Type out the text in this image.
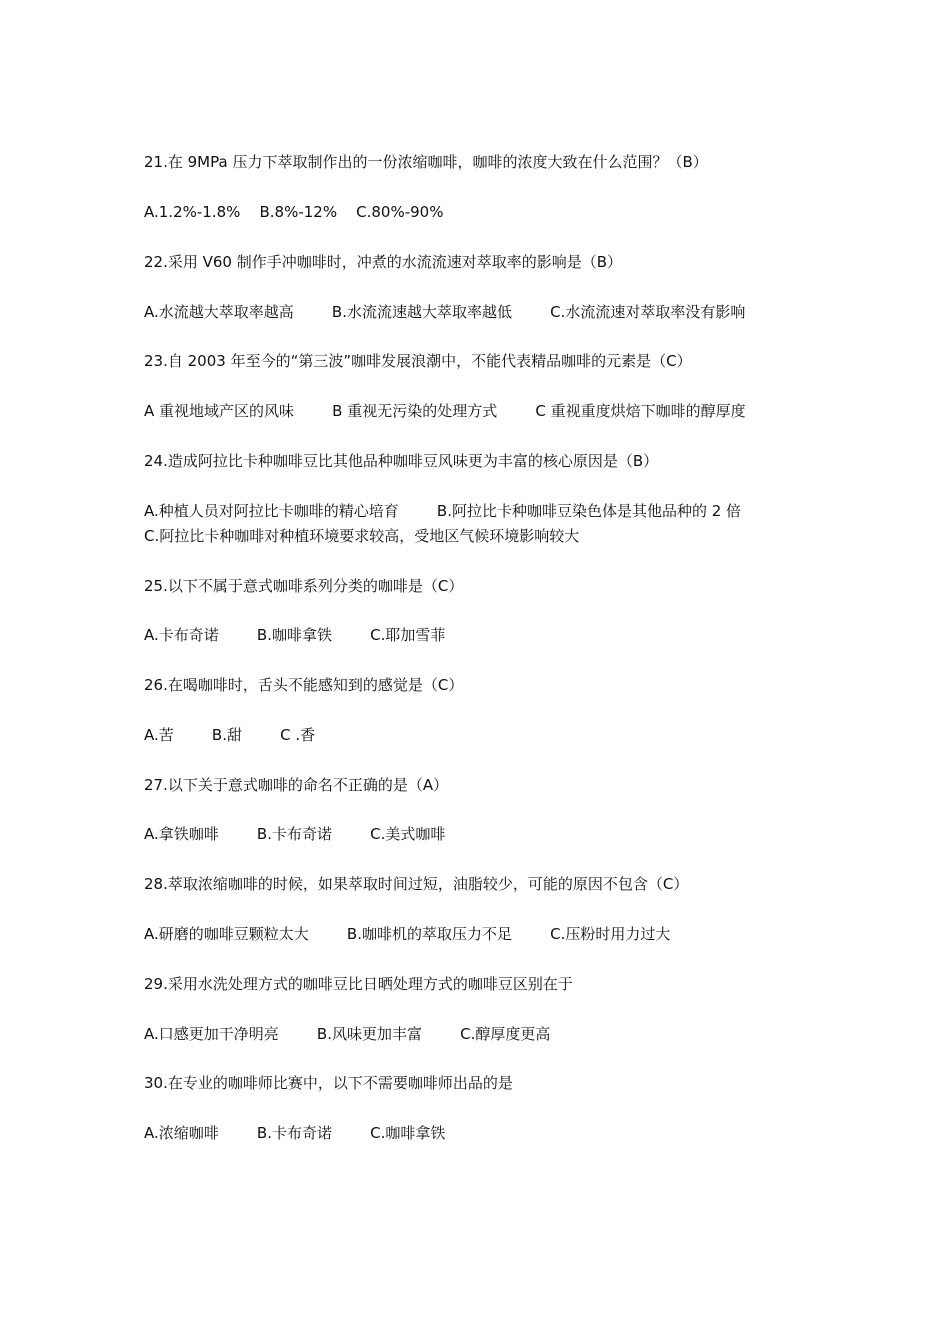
21.在 9MPa 压力下萃取制作出的一份浓缩咖啡，咖啡的浓度大致在什么范围？（B）
A.1.2%-1.8%    B.8%-12%    C.80%-90%
22.采用 V60 制作手冲咖啡时，冲煮的水流流速对萃取率的影响是（B）
A.水流越大萃取率越高        B.水流流速越大萃取率越低        C.水流流速对萃取率没有影响
23.自 2003 年至今的“第三波”咖啡发展浪潮中，不能代表精品咖啡的元素是（C）
A 重视地域产区的风味        B 重视无污染的处理方式        C 重视重度烘焙下咖啡的醇厚度
24.造成阿拉比卡种咖啡豆比其他品种咖啡豆风味更为丰富的核心原因是（B）
A.种植人员对阿拉比卡咖啡的精心培育        B.阿拉比卡种咖啡豆染色体是其他品种的 2 倍
C.阿拉比卡种咖啡对种植环境要求较高，受地区气候环境影响较大
25.以下不属于意式咖啡系列分类的咖啡是（C）
A.卡布奇诺        B.咖啡拿铁        C.耶加雪菲
26.在喝咖啡时，舌头不能感知到的感觉是（C）
A.苦        B.甜        C .香
27.以下关于意式咖啡的命名不正确的是（A）
A.拿铁咖啡        B.卡布奇诺        C.美式咖啡
28.萃取浓缩咖啡的时候，如果萃取时间过短，油脂较少，可能的原因不包含（C）
A.研磨的咖啡豆颗粒太大        B.咖啡机的萃取压力不足        C.压粉时用力过大
29.采用水洗处理方式的咖啡豆比日晒处理方式的咖啡豆区别在于
A.口感更加干净明亮        B.风味更加丰富        C.醇厚度更高
30.在专业的咖啡师比赛中，以下不需要咖啡师出品的是
A.浓缩咖啡        B.卡布奇诺        C.咖啡拿铁
